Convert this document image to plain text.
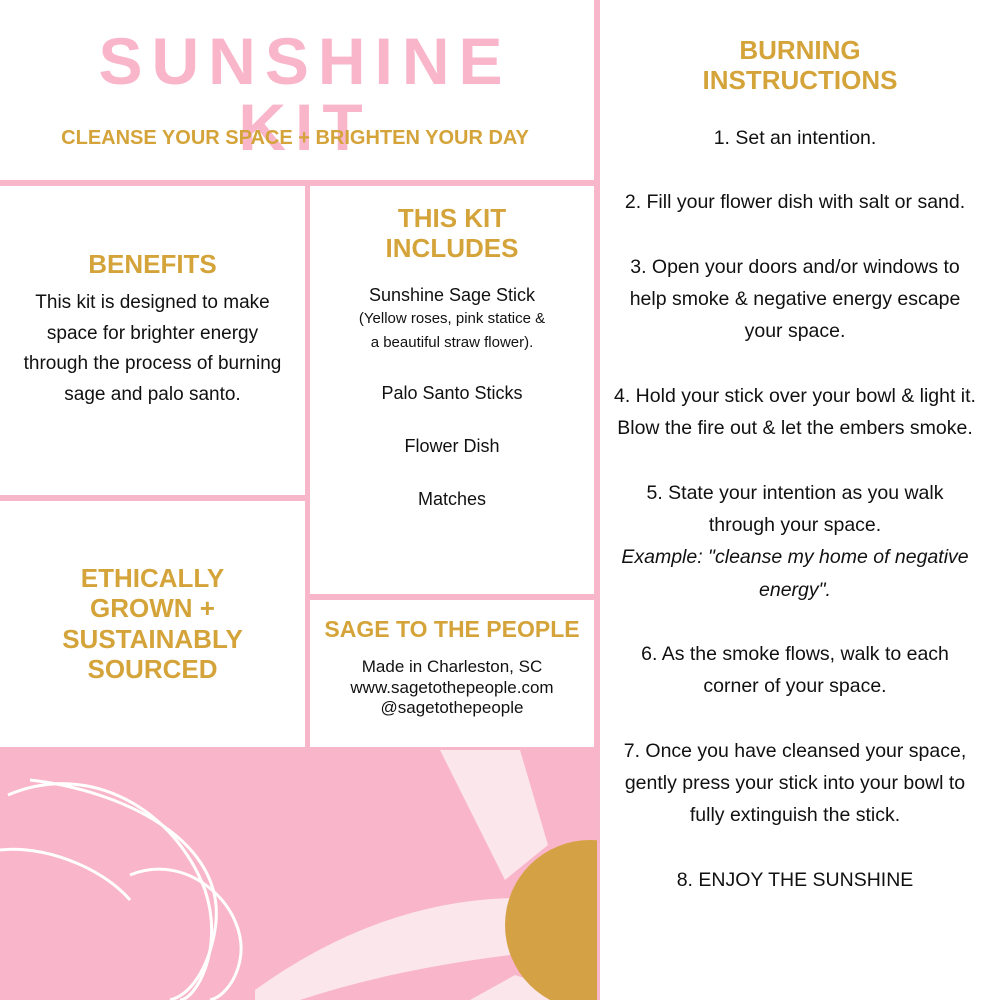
SUNSHINE KIT
CLEANSE YOUR SPACE + BRIGHTEN YOUR DAY
BENEFITS
This kit is designed to make space for brighter energy through the process of burning sage and palo santo.
ETHICALLY
GROWN +
SUSTAINABLY
SOURCED
THIS KIT
INCLUDES
Sunshine Sage Stick
(Yellow roses, pink statice &
a beautiful straw flower).
Palo Santo Sticks
Flower Dish
Matches
SAGE TO THE PEOPLE
Made in Charleston, SC
www.sagetothepeople.com
@sagetothepeople
BURNING
INSTRUCTIONS

1. Set an intention.

2. Fill your flower dish with salt or sand.

3. Open your doors and/or windows to help smoke & negative energy escape your space.

4. Hold your stick over your bowl & light it. Blow the fire out & let the embers smoke.

5. State your intention as you walk through your space.
Example: "cleanse my home of negative energy".

6. As the smoke flows, walk to each corner of your space.

7. Once you have cleansed your space, gently press your stick into your bowl to fully extinguish the stick.

8. ENJOY THE SUNSHINE
